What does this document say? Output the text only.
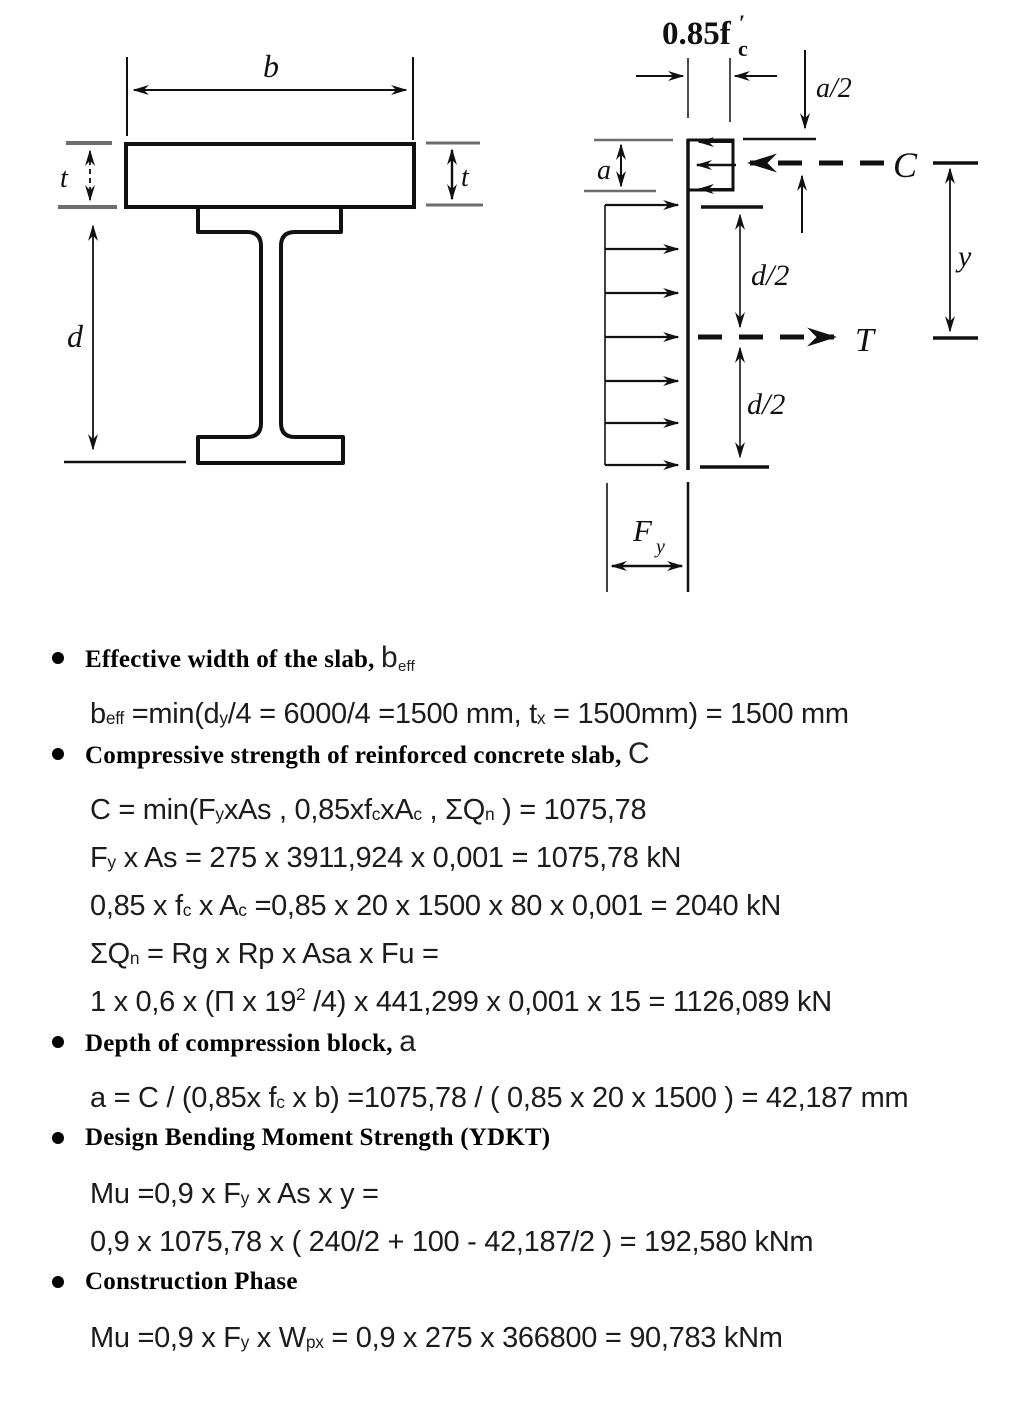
b
t	t
d
0.85f ′
c
a/2
a	C
d/2
T
d/2
y
F y
Effective width of the slab, beff
b eff =min(d y /4 = 6000/4 =1500 mm, t x = 1500mm) = 1500 mm
Compressive strength of reinforced concrete slab, C
C = min(F y xAs , 0,85xf c xA c , ΣQ n ) = 1075,78
F y x As = 275 x 3911,924 x 0,001 = 1075,78 kN
0,85 x f c x A c =0,85 x 20 x 1500 x 80 x 0,001 = 2040 kN
ΣQ n = Rg x Rp x Asa x Fu =
1 x 0,6 x (Π x 19 2 /4) x 441,299 x 0,001 x 15 = 1126,089 kN
Depth of compression block, a
a = C / (0,85x f c x b) =1075,78 / ( 0,85 x 20 x 1500 ) = 42,187 mm
Design Bending Moment Strength (YDKT)
Mu =0,9 x F y x As x y =
0,9 x 1075,78 x ( 240/2 + 100 - 42,187/2 ) = 192,580 kNm
Construction Phase
Mu =0,9 x F y x W px = 0,9 x 275 x 366800 = 90,783 kNm
